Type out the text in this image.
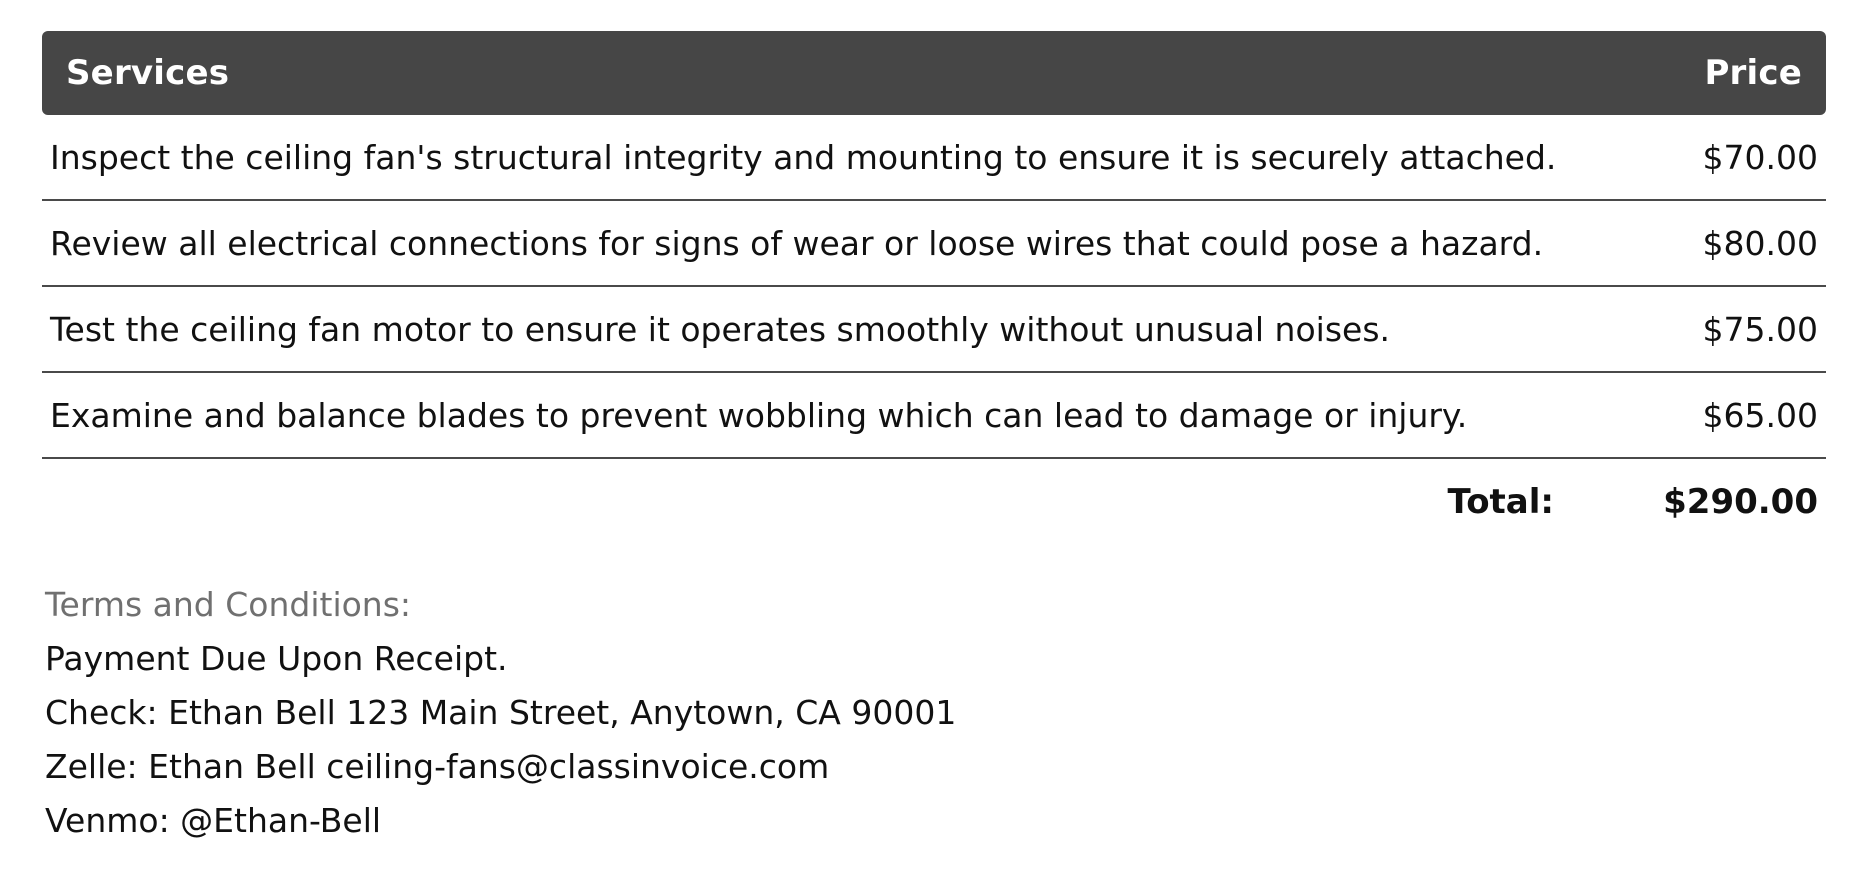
Services	Price
Inspect the ceiling fan's structural integrity and mounting to ensure it is securely attached.	$70.00
Review all electrical connections for signs of wear or loose wires that could pose a hazard.	$80.00
Test the ceiling fan motor to ensure it operates smoothly without unusual noises.	$75.00
Examine and balance blades to prevent wobbling which can lead to damage or injury.	$65.00
Total:	$290.00
Terms and Conditions:
Payment Due Upon Receipt.
Check: Ethan Bell 123 Main Street, Anytown, CA 90001
Zelle: Ethan Bell ceiling-fans@classinvoice.com
Venmo: @Ethan-Bell
